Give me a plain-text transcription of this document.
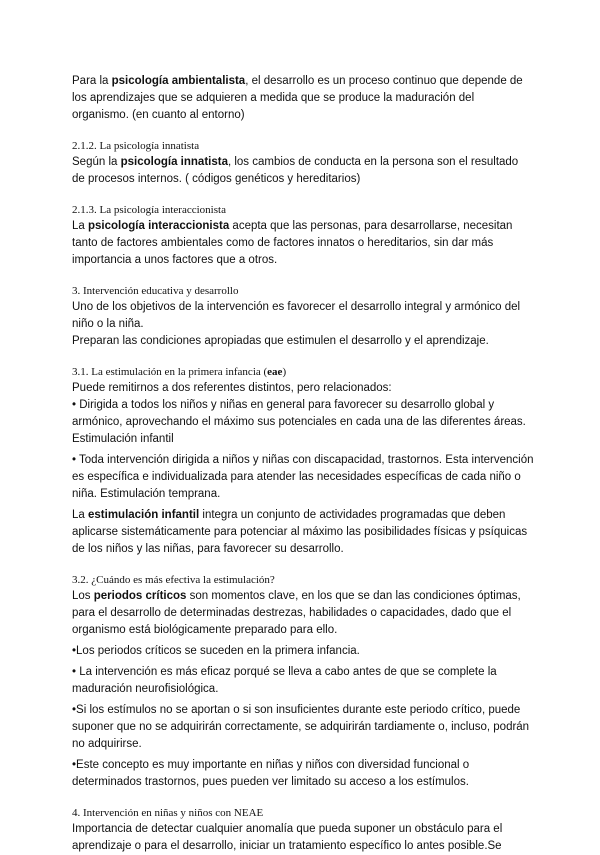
Para la psicología ambientalista, el desarrollo es un proceso continuo que depende de los aprendizajes que se adquieren a medida que se produce la maduración del organismo. (en cuanto al entorno)

2.1.2. La psicología innatista

Según la psicología innatista, los cambios de conducta en la persona son el resultado de procesos internos. ( códigos genéticos y hereditarios)

2.1.3. La psicología interaccionista

La psicología interaccionista acepta que las personas, para desarrollarse, necesitan tanto de factores ambientales como de factores innatos o hereditarios, sin dar más importancia a unos factores que a otros.

3. Intervención educativa y desarrollo

Uno de los objetivos de la intervención es favorecer el desarrollo integral y armónico del niño o la niña.

Preparan las condiciones apropiadas que estimulen el desarrollo y el aprendizaje.

3.1. La estimulación en la primera infancia (eae)

Puede remitirnos a dos referentes distintos, pero relacionados:

• Dirigida a todos los niños y niñas en general para favorecer su desarrollo global y armónico, aprovechando el máximo sus potenciales en cada una de las diferentes áreas. Estimulación infantil

• Toda intervención dirigida a niños y niñas con discapacidad, trastornos. Esta intervención es específica e individualizada para atender las necesidades específicas de cada niño o niña. Estimulación temprana.

La estimulación infantil integra un conjunto de actividades programadas que deben aplicarse sistemáticamente para potenciar al máximo las posibilidades físicas y psíquicas de los niños y las niñas, para favorecer su desarrollo.

3.2. ¿Cuándo es más efectiva la estimulación?

Los periodos críticos son momentos clave, en los que se dan las condiciones óptimas, para el desarrollo de determinadas destrezas, habilidades o capacidades, dado que el organismo está biológicamente preparado para ello.

•Los periodos críticos se suceden en la primera infancia.

• La intervención es más eficaz porqué se lleva a cabo antes de que se complete la maduración neurofisiológica.

•Si los estímulos no se aportan o si son insuficientes durante este periodo crítico, puede suponer que no se adquirirán correctamente, se adquirirán tardiamente o, incluso, podrán no adquirirse.

•Este concepto es muy importante en niñas y niños con diversidad funcional o determinados trastornos, pues pueden ver limitado su acceso a los estímulos.

4. Intervención en niñas y niños con NEAE

Importancia de detectar cualquier anomalía que pueda suponer un obstáculo para el aprendizaje o para el desarrollo, iniciar un tratamiento específico lo antes posible.Se
